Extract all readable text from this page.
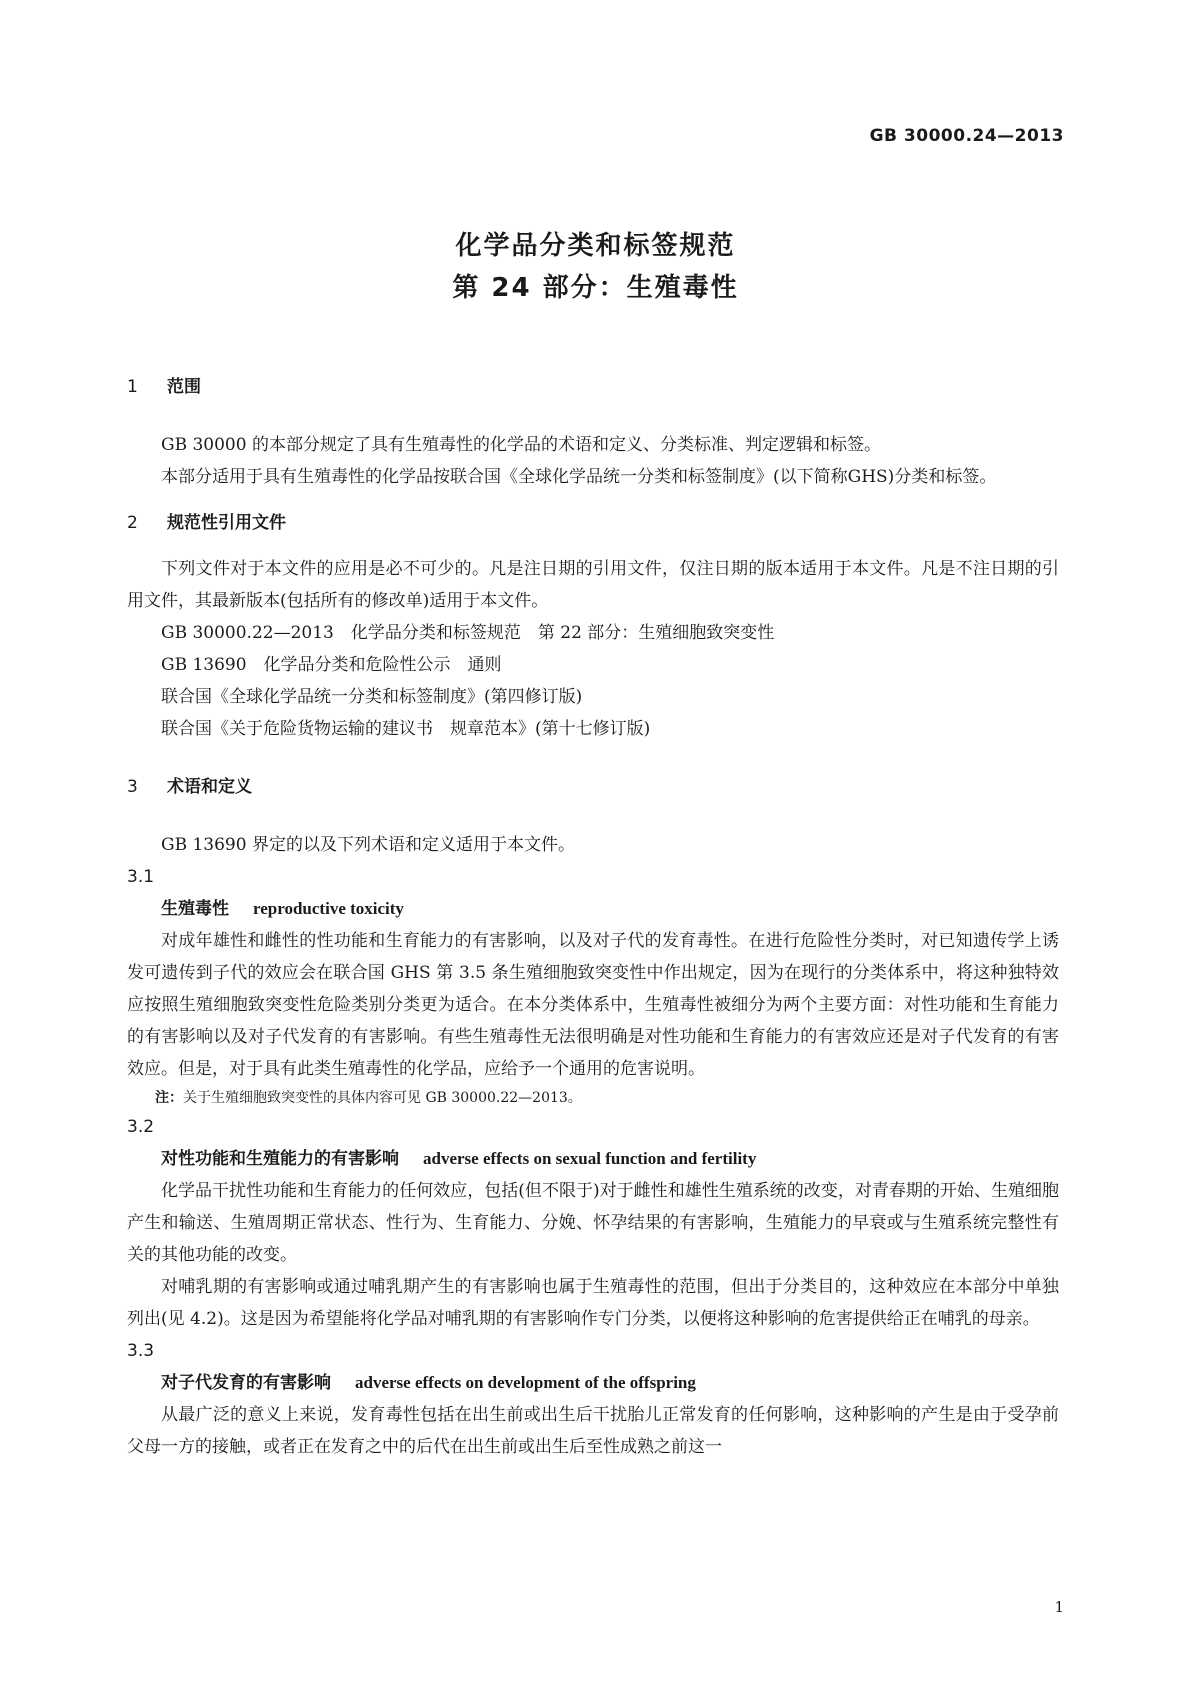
GB 30000.24—2013
化学品分类和标签规范
第 24 部分：生殖毒性
1 范围
GB 30000 的本部分规定了具有生殖毒性的化学品的术语和定义、分类标准、判定逻辑和标签。
本部分适用于具有生殖毒性的化学品按联合国《全球化学品统一分类和标签制度》(以下简称GHS)分类和标签。
2 规范性引用文件
下列文件对于本文件的应用是必不可少的。凡是注日期的引用文件，仅注日期的版本适用于本文件。凡是不注日期的引用文件，其最新版本(包括所有的修改单)适用于本文件。
GB 30000.22—2013　化学品分类和标签规范　第 22 部分：生殖细胞致突变性
GB 13690　化学品分类和危险性公示　通则
联合国《全球化学品统一分类和标签制度》(第四修订版)
联合国《关于危险货物运输的建议书　规章范本》(第十七修订版)
3 术语和定义
GB 13690 界定的以及下列术语和定义适用于本文件。
3.1
生殖毒性 reproductive toxicity
对成年雄性和雌性的性功能和生育能力的有害影响，以及对子代的发育毒性。在进行危险性分类时，对已知遗传学上诱发可遗传到子代的效应会在联合国 GHS 第 3.5 条生殖细胞致突变性中作出规定，因为在现行的分类体系中，将这种独特效应按照生殖细胞致突变性危险类别分类更为适合。在本分类体系中，生殖毒性被细分为两个主要方面：对性功能和生育能力的有害影响以及对子代发育的有害影响。有些生殖毒性无法很明确是对性功能和生育能力的有害效应还是对子代发育的有害效应。但是，对于具有此类生殖毒性的化学品，应给予一个通用的危害说明。
注：关于生殖细胞致突变性的具体内容可见 GB 30000.22—2013。
3.2
对性功能和生殖能力的有害影响 adverse effects on sexual function and fertility
化学品干扰性功能和生育能力的任何效应，包括(但不限于)对于雌性和雄性生殖系统的改变，对青春期的开始、生殖细胞产生和输送、生殖周期正常状态、性行为、生育能力、分娩、怀孕结果的有害影响，生殖能力的早衰或与生殖系统完整性有关的其他功能的改变。
对哺乳期的有害影响或通过哺乳期产生的有害影响也属于生殖毒性的范围，但出于分类目的，这种效应在本部分中单独列出(见 4.2)。这是因为希望能将化学品对哺乳期的有害影响作专门分类，以便将这种影响的危害提供给正在哺乳的母亲。
3.3
对子代发育的有害影响 adverse effects on development of the offspring
从最广泛的意义上来说，发育毒性包括在出生前或出生后干扰胎儿正常发育的任何影响，这种影响的产生是由于受孕前父母一方的接触，或者正在发育之中的后代在出生前或出生后至性成熟之前这一
1
